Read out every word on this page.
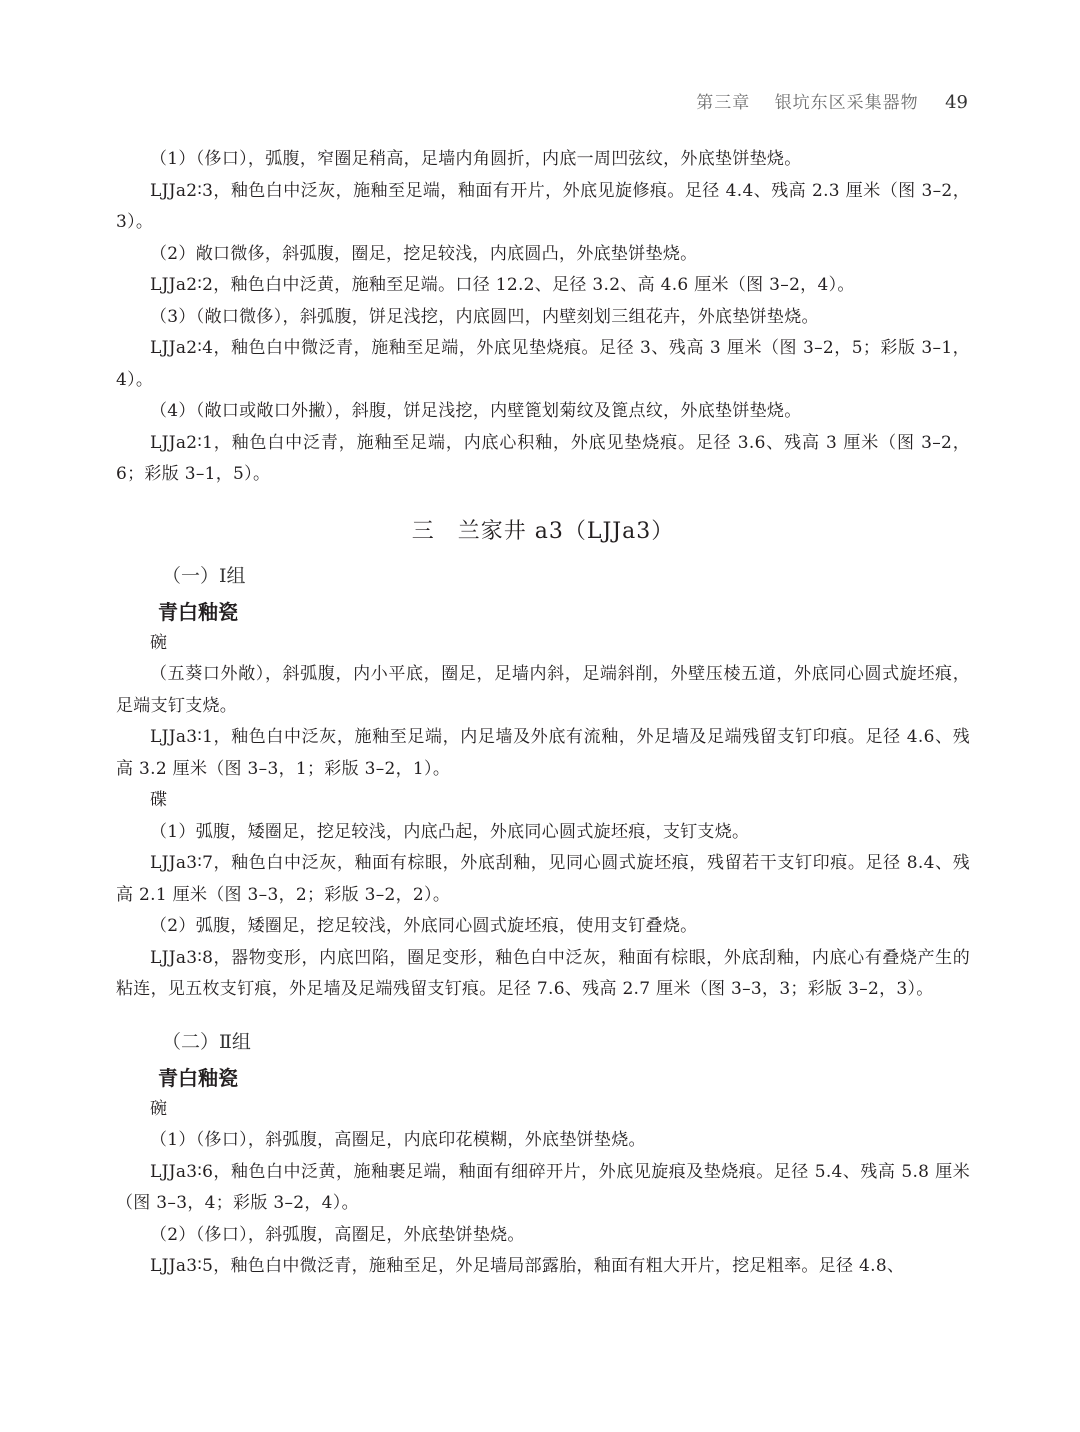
第三章 银坑东区采集器物 49

（1）（侈口），弧腹，窄圈足稍高，足墙内角圆折，内底一周凹弦纹，外底垫饼垫烧。

LJJa2∶3，釉色白中泛灰，施釉至足端，釉面有开片，外底见旋修痕。足径 4.4、残高 2.3 厘米（图 3–2，3）。

（2）敞口微侈，斜弧腹，圈足，挖足较浅，内底圆凸，外底垫饼垫烧。

LJJa2∶2，釉色白中泛黄，施釉至足端。口径 12.2、足径 3.2、高 4.6 厘米（图 3–2，4）。

（3）（敞口微侈），斜弧腹，饼足浅挖，内底圆凹，内壁刻划三组花卉，外底垫饼垫烧。

LJJa2∶4，釉色白中微泛青，施釉至足端，外底见垫烧痕。足径 3、残高 3 厘米（图 3–2，5；彩版 3–1，4）。

（4）（敞口或敞口外撇），斜腹，饼足浅挖，内壁篦划菊纹及篦点纹，外底垫饼垫烧。

LJJa2∶1，釉色白中泛青，施釉至足端，内底心积釉，外底见垫烧痕。足径 3.6、残高 3 厘米（图 3–2，6；彩版 3–1，5）。

三　兰家井 a3（LJJa3）
（一）Ⅰ组
青白釉瓷

碗

（五葵口外敞），斜弧腹，内小平底，圈足，足墙内斜，足端斜削，外壁压棱五道，外底同心圆式旋坯痕，足端支钉支烧。

LJJa3∶1，釉色白中泛灰，施釉至足端，内足墙及外底有流釉，外足墙及足端残留支钉印痕。足径 4.6、残高 3.2 厘米（图 3–3，1；彩版 3–2，1）。

碟

（1）弧腹，矮圈足，挖足较浅，内底凸起，外底同心圆式旋坯痕，支钉支烧。

LJJa3∶7，釉色白中泛灰，釉面有棕眼，外底刮釉，见同心圆式旋坯痕，残留若干支钉印痕。足径 8.4、残高 2.1 厘米（图 3–3，2；彩版 3–2，2）。

（2）弧腹，矮圈足，挖足较浅，外底同心圆式旋坯痕，使用支钉叠烧。

LJJa3∶8，器物变形，内底凹陷，圈足变形，釉色白中泛灰，釉面有棕眼，外底刮釉，内底心有叠烧产生的粘连，见五枚支钉痕，外足墙及足端残留支钉痕。足径 7.6、残高 2.7 厘米（图 3–3，3；彩版 3–2，3）。

（二）Ⅱ组
青白釉瓷

碗

（1）（侈口），斜弧腹，高圈足，内底印花模糊，外底垫饼垫烧。

LJJa3∶6，釉色白中泛黄，施釉裹足端，釉面有细碎开片，外底见旋痕及垫烧痕。足径 5.4、残高 5.8 厘米（图 3–3，4；彩版 3–2，4）。

（2）（侈口），斜弧腹，高圈足，外底垫饼垫烧。

LJJa3∶5，釉色白中微泛青，施釉至足，外足墙局部露胎，釉面有粗大开片，挖足粗率。足径 4.8、
